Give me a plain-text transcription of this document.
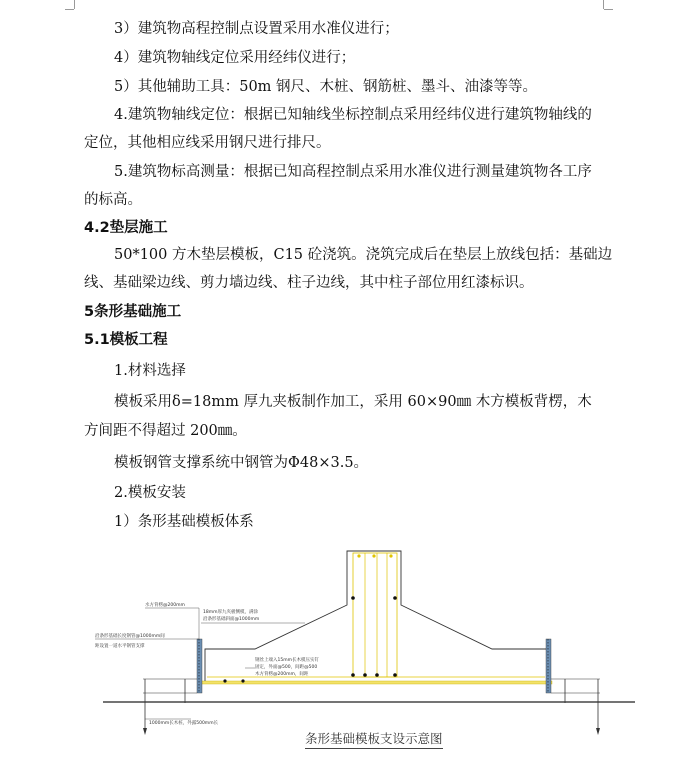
3）建筑物高程控制点设置采用水准仪进行；
4）建筑物轴线定位采用经纬仪进行；
5）其他辅助工具：50m 钢尺、木桩、钢筋桩、墨斗、油漆等等。
4.建筑物轴线定位：根据已知轴线坐标控制点采用经纬仪进行建筑物轴线的
定位，其他相应线采用钢尺进行排尺。
5.建筑物标高测量：根据已知高程控制点采用水准仪进行测量建筑物各工序
的标高。
4.2垫层施工
50*100 方木垫层模板，C15 砼浇筑。浇筑完成后在垫层上放线包括：基础边
线、基础梁边线、剪力墙边线、柱子边线，其中柱子部位用红漆标识。
5条形基础施工
5.1模板工程
1.材料选择
模板采用δ=18mm 厚九夹板制作加工，采用 60×90㎜ 木方模板背楞，木
方间距不得超过 200㎜。
模板钢管支撑系统中钢管为Φ48×3.5。
2.模板安装
1）条形基础模板体系
水方背楞@200mm
18mm厚九夹板侧模，满涂
沿条形基础斜面@1000mm
沿条形基础长度钢管@1000mm间
距设置一道水平钢管支撑
钢丝上端入15mm长木模压实钉
固定，外面@500，间距@500
木方背楞@200mm，间距
1000mm长木桩，外露500mm长
条形基础模板支设示意图
